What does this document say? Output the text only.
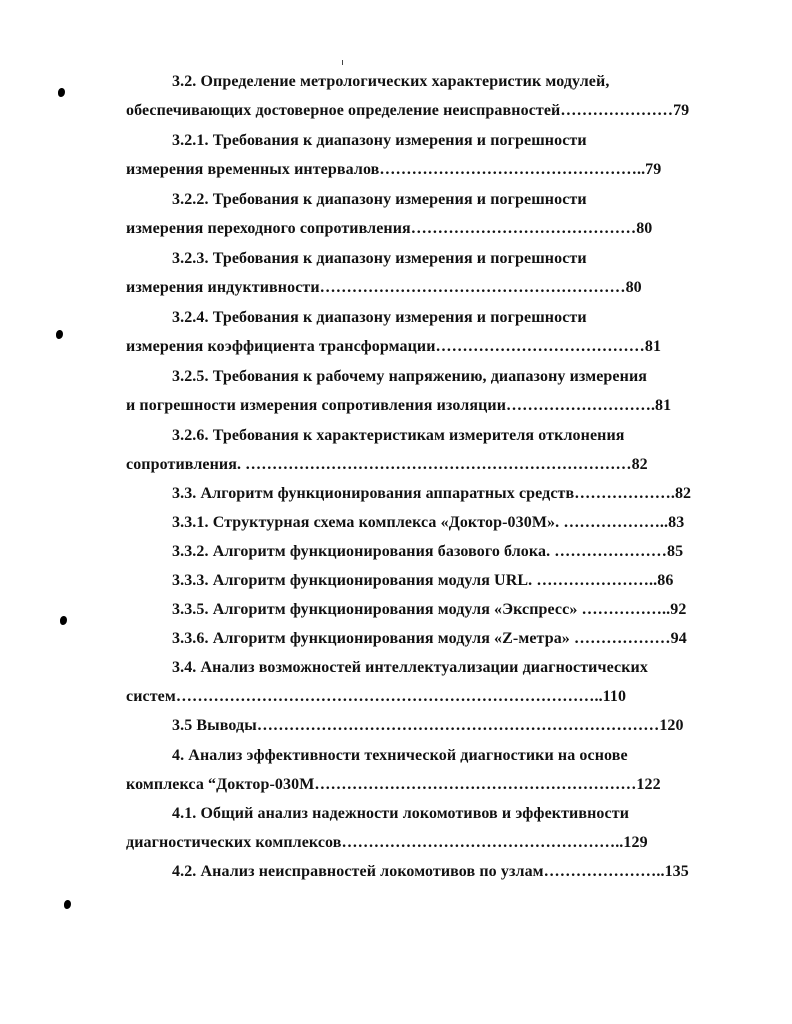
3.2. Определение метрологических характеристик модулей,
обеспечивающих достоверное определение неисправностей…………………79
3.2.1. Требования к диапазону измерения и погрешности
измерения временных интервалов…………………………………………..79
3.2.2. Требования к диапазону измерения и погрешности
измерения переходного сопротивления……………………………………80
3.2.3. Требования к диапазону измерения и погрешности
измерения индуктивности…………………………………………………80
3.2.4. Требования к диапазону измерения и погрешности
измерения коэффициента трансформации…………………………………81
3.2.5. Требования к рабочему напряжению, диапазону измерения
и погрешности измерения сопротивления изоляции……………………….81
3.2.6. Требования к характеристикам измерителя отклонения
сопротивления. ………………………………………………………………82
3.3. Алгоритм функционирования аппаратных средств……………….82
3.3.1. Структурная схема комплекса «Доктор-030М». ………………..83
3.3.2. Алгоритм функционирования базового блока. …………………85
3.3.3. Алгоритм функционирования модуля URL. …………………..86
3.3.5. Алгоритм функционирования модуля «Экспресс» ……………..92
3.3.6. Алгоритм функционирования модуля «Z-метра» ………………94
3.4. Анализ возможностей интеллектуализации диагностических
систем……………………………………………………………………..110
3.5 Выводы…………………………………………………………………120
4. Анализ эффективности технической диагностики на основе
комплекса “Доктор-030М……………………………………………………122
4.1. Общий анализ надежности локомотивов и эффективности
диагностических комплексов……………………………………………..129
4.2. Анализ неисправностей локомотивов по узлам…………………..135
